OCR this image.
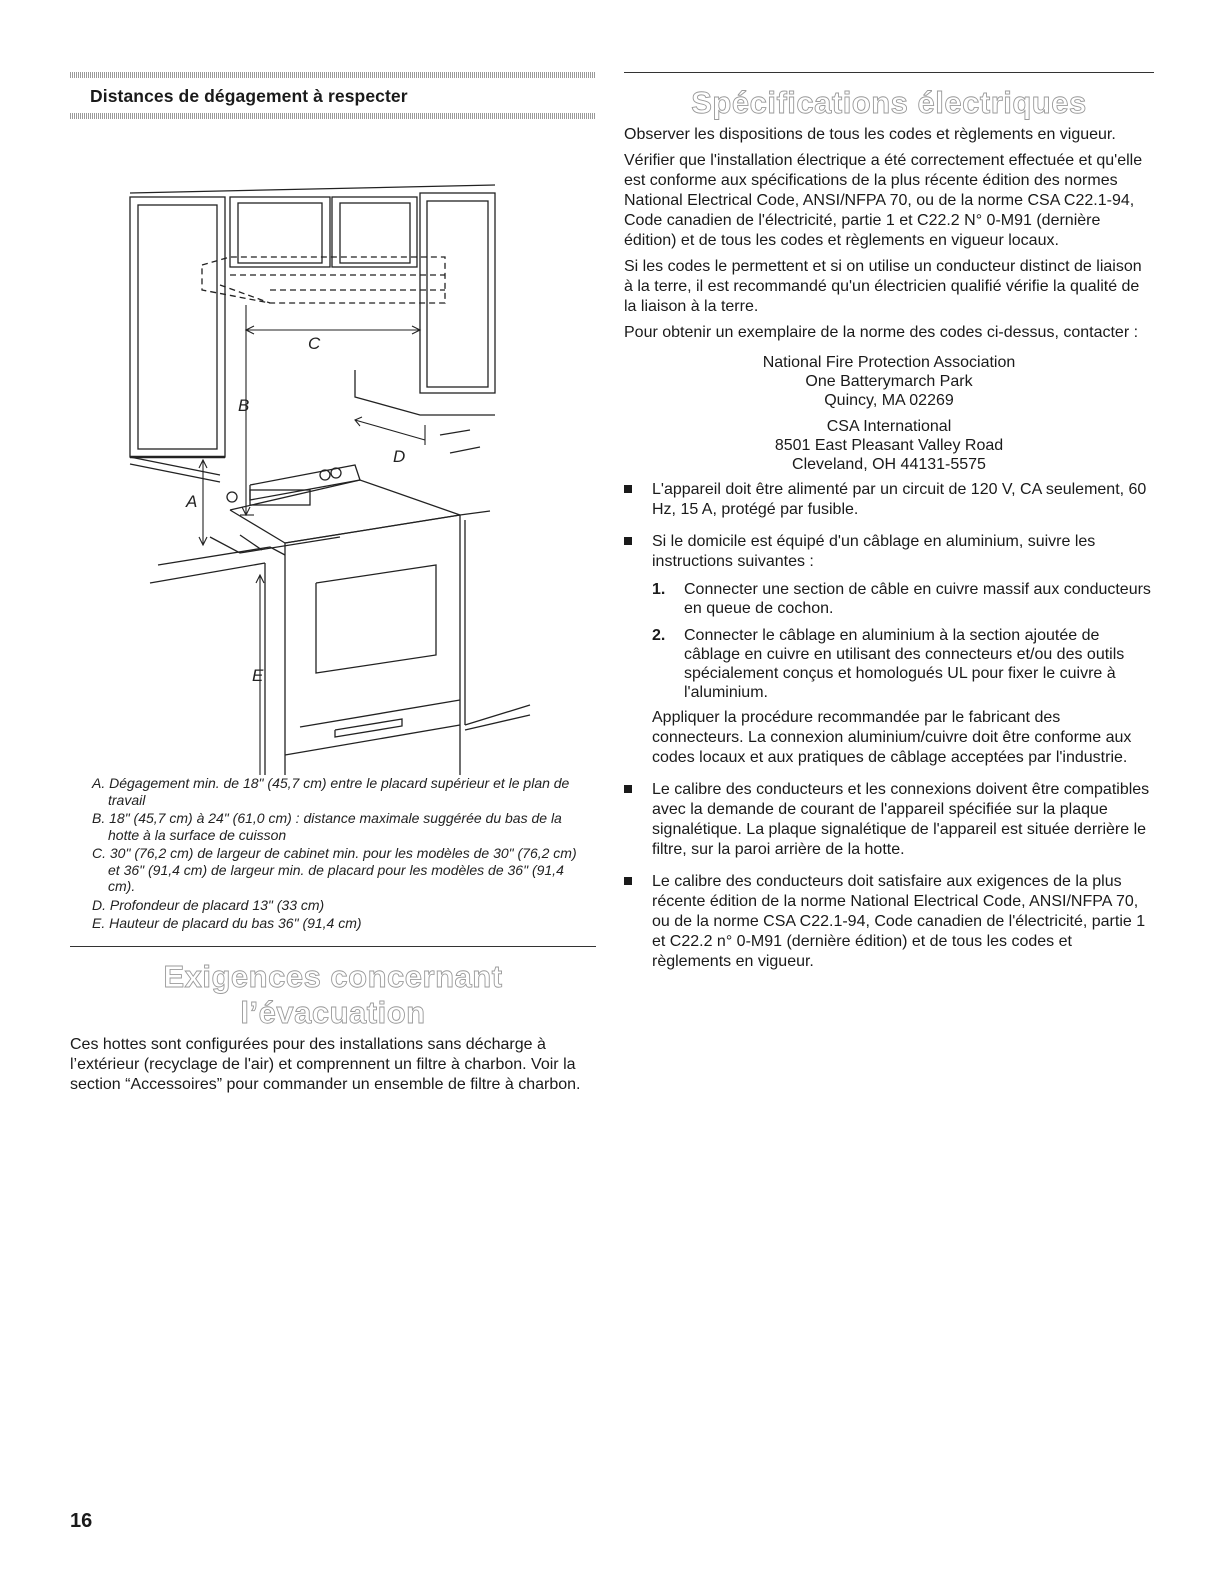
Distances de dégagement à respecter
C
B
D
A
E
A. Dégagement min. de 18" (45,7 cm) entre le placard supérieur et le plan de travail
B. 18" (45,7 cm) à 24" (61,0 cm) : distance maximale suggérée du bas de la hotte à la surface de cuisson
C. 30" (76,2 cm) de largeur de cabinet min. pour les modèles de 30" (76,2 cm) et 36" (91,4 cm) de largeur min. de placard pour les modèles de 36" (91,4 cm).
D. Profondeur de placard 13" (33 cm)
E. Hauteur de placard du bas 36" (91,4 cm)
Exigences concernant l’évacuation
Ces hottes sont configurées pour des installations sans décharge à l’extérieur (recyclage de l'air) et comprennent un filtre à charbon. Voir la section “Accessoires” pour commander un ensemble de filtre à charbon.
Spécifications électriques
Observer les dispositions de tous les codes et règlements en vigueur.
Vérifier que l'installation électrique a été correctement effectuée et qu'elle est conforme aux spécifications de la plus récente édition des normes National Electrical Code, ANSI/NFPA 70, ou de la norme CSA C22.1-94, Code canadien de l'électricité, partie 1 et C22.2 N° 0-M91 (dernière édition) et de tous les codes et règlements en vigueur locaux.
Si les codes le permettent et si on utilise un conducteur distinct de liaison à la terre, il est recommandé qu'un électricien qualifié vérifie la qualité de la liaison à la terre.
Pour obtenir un exemplaire de la norme des codes ci-dessus, contacter :
National Fire Protection Association
One Batterymarch Park
Quincy, MA 02269
CSA International
8501 East Pleasant Valley Road
Cleveland, OH 44131-5575
L'appareil doit être alimenté par un circuit de 120 V, CA seulement, 60 Hz, 15 A, protégé par fusible.
Si le domicile est équipé d'un câblage en aluminium, suivre les instructions suivantes :
1. Connecter une section de câble en cuivre massif aux conducteurs en queue de cochon.
2. Connecter le câblage en aluminium à la section ajoutée de câblage en cuivre en utilisant des connecteurs et/ou des outils spécialement conçus et homologués UL pour fixer le cuivre à l'aluminium.
Appliquer la procédure recommandée par le fabricant des connecteurs. La connexion aluminium/cuivre doit être conforme aux codes locaux et aux pratiques de câblage acceptées par l'industrie.
Le calibre des conducteurs et les connexions doivent être compatibles avec la demande de courant de l'appareil spécifiée sur la plaque signalétique. La plaque signalétique de l'appareil est située derrière le filtre, sur la paroi arrière de la hotte.
Le calibre des conducteurs doit satisfaire aux exigences de la plus récente édition de la norme National Electrical Code, ANSI/NFPA 70, ou de la norme CSA C22.1-94, Code canadien de l'électricité, partie 1 et C22.2 n° 0-M91 (dernière édition) et de tous les codes et règlements en vigueur.
16
